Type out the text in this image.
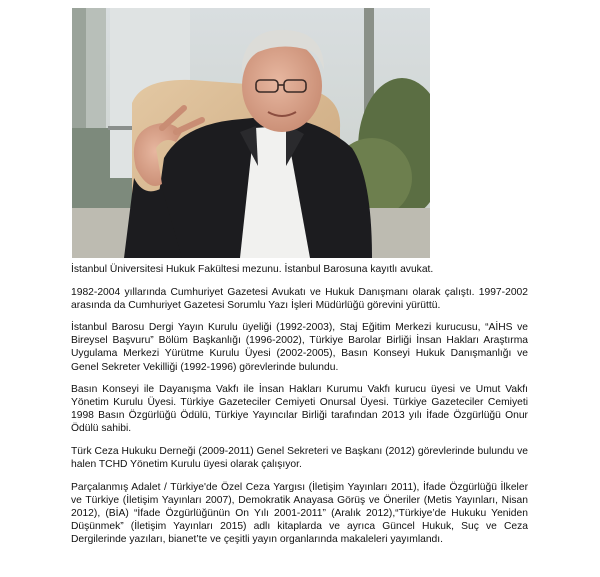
İstanbul Üniversitesi Hukuk Fakültesi mezunu. İstanbul Barosuna kayıtlı avukat.

1982-2004 yıllarında Cumhuriyet Gazetesi Avukatı ve Hukuk Danışmanı olarak çalıştı. 1997-2002 arasında da Cumhuriyet Gazetesi Sorumlu Yazı İşleri Müdürlüğü görevini yürüttü.

İstanbul Barosu Dergi Yayın Kurulu üyeliği (1992-2003), Staj Eğitim Merkezi kurucusu, “AİHS ve Bireysel Başvuru” Bölüm Başkanlığı (1996-2002), Türkiye Barolar Birliği İnsan Hakları Araştırma Uygulama Merkezi Yürütme Kurulu Üyesi (2002-2005), Basın Konseyi Hukuk Danışmanlığı ve Genel Sekreter Vekilliği (1992-1996) görevlerinde bulundu.

Basın Konseyi ile Dayanışma Vakfı ile İnsan Hakları Kurumu Vakfı kurucu üyesi ve Umut Vakfı Yönetim Kurulu Üyesi. Türkiye Gazeteciler Cemiyeti Onursal Üyesi. Türkiye Gazeteciler Cemiyeti 1998 Basın Özgürlüğü Ödülü, Türkiye Yayıncılar Birliği tarafından 2013 yılı İfade Özgürlüğü Onur Ödülü sahibi.

Türk Ceza Hukuku Derneği (2009-2011) Genel Sekreteri ve Başkanı (2012) görevlerinde bulundu ve halen TCHD Yönetim Kurulu üyesi olarak çalışıyor.

Parçalanmış Adalet / Türkiye'de Özel Ceza Yargısı (İletişim Yayınları 2011), İfade Özgürlüğü İlkeler ve Türkiye (İletişim Yayınları 2007), Demokratik Anayasa Görüş ve Öneriler (Metis Yayınları, Nisan 2012), (BİA) “İfade Özgürlüğünün On Yılı 2001-2011” (Aralık 2012),“Türkiye’de Hukuku Yeniden Düşünmek” (İletişim Yayınları 2015) adlı kitaplarda ve ayrıca Güncel Hukuk, Suç ve Ceza Dergilerinde yazıları, bianet’te ve çeşitli yayın organlarında makaleleri yayımlandı.
